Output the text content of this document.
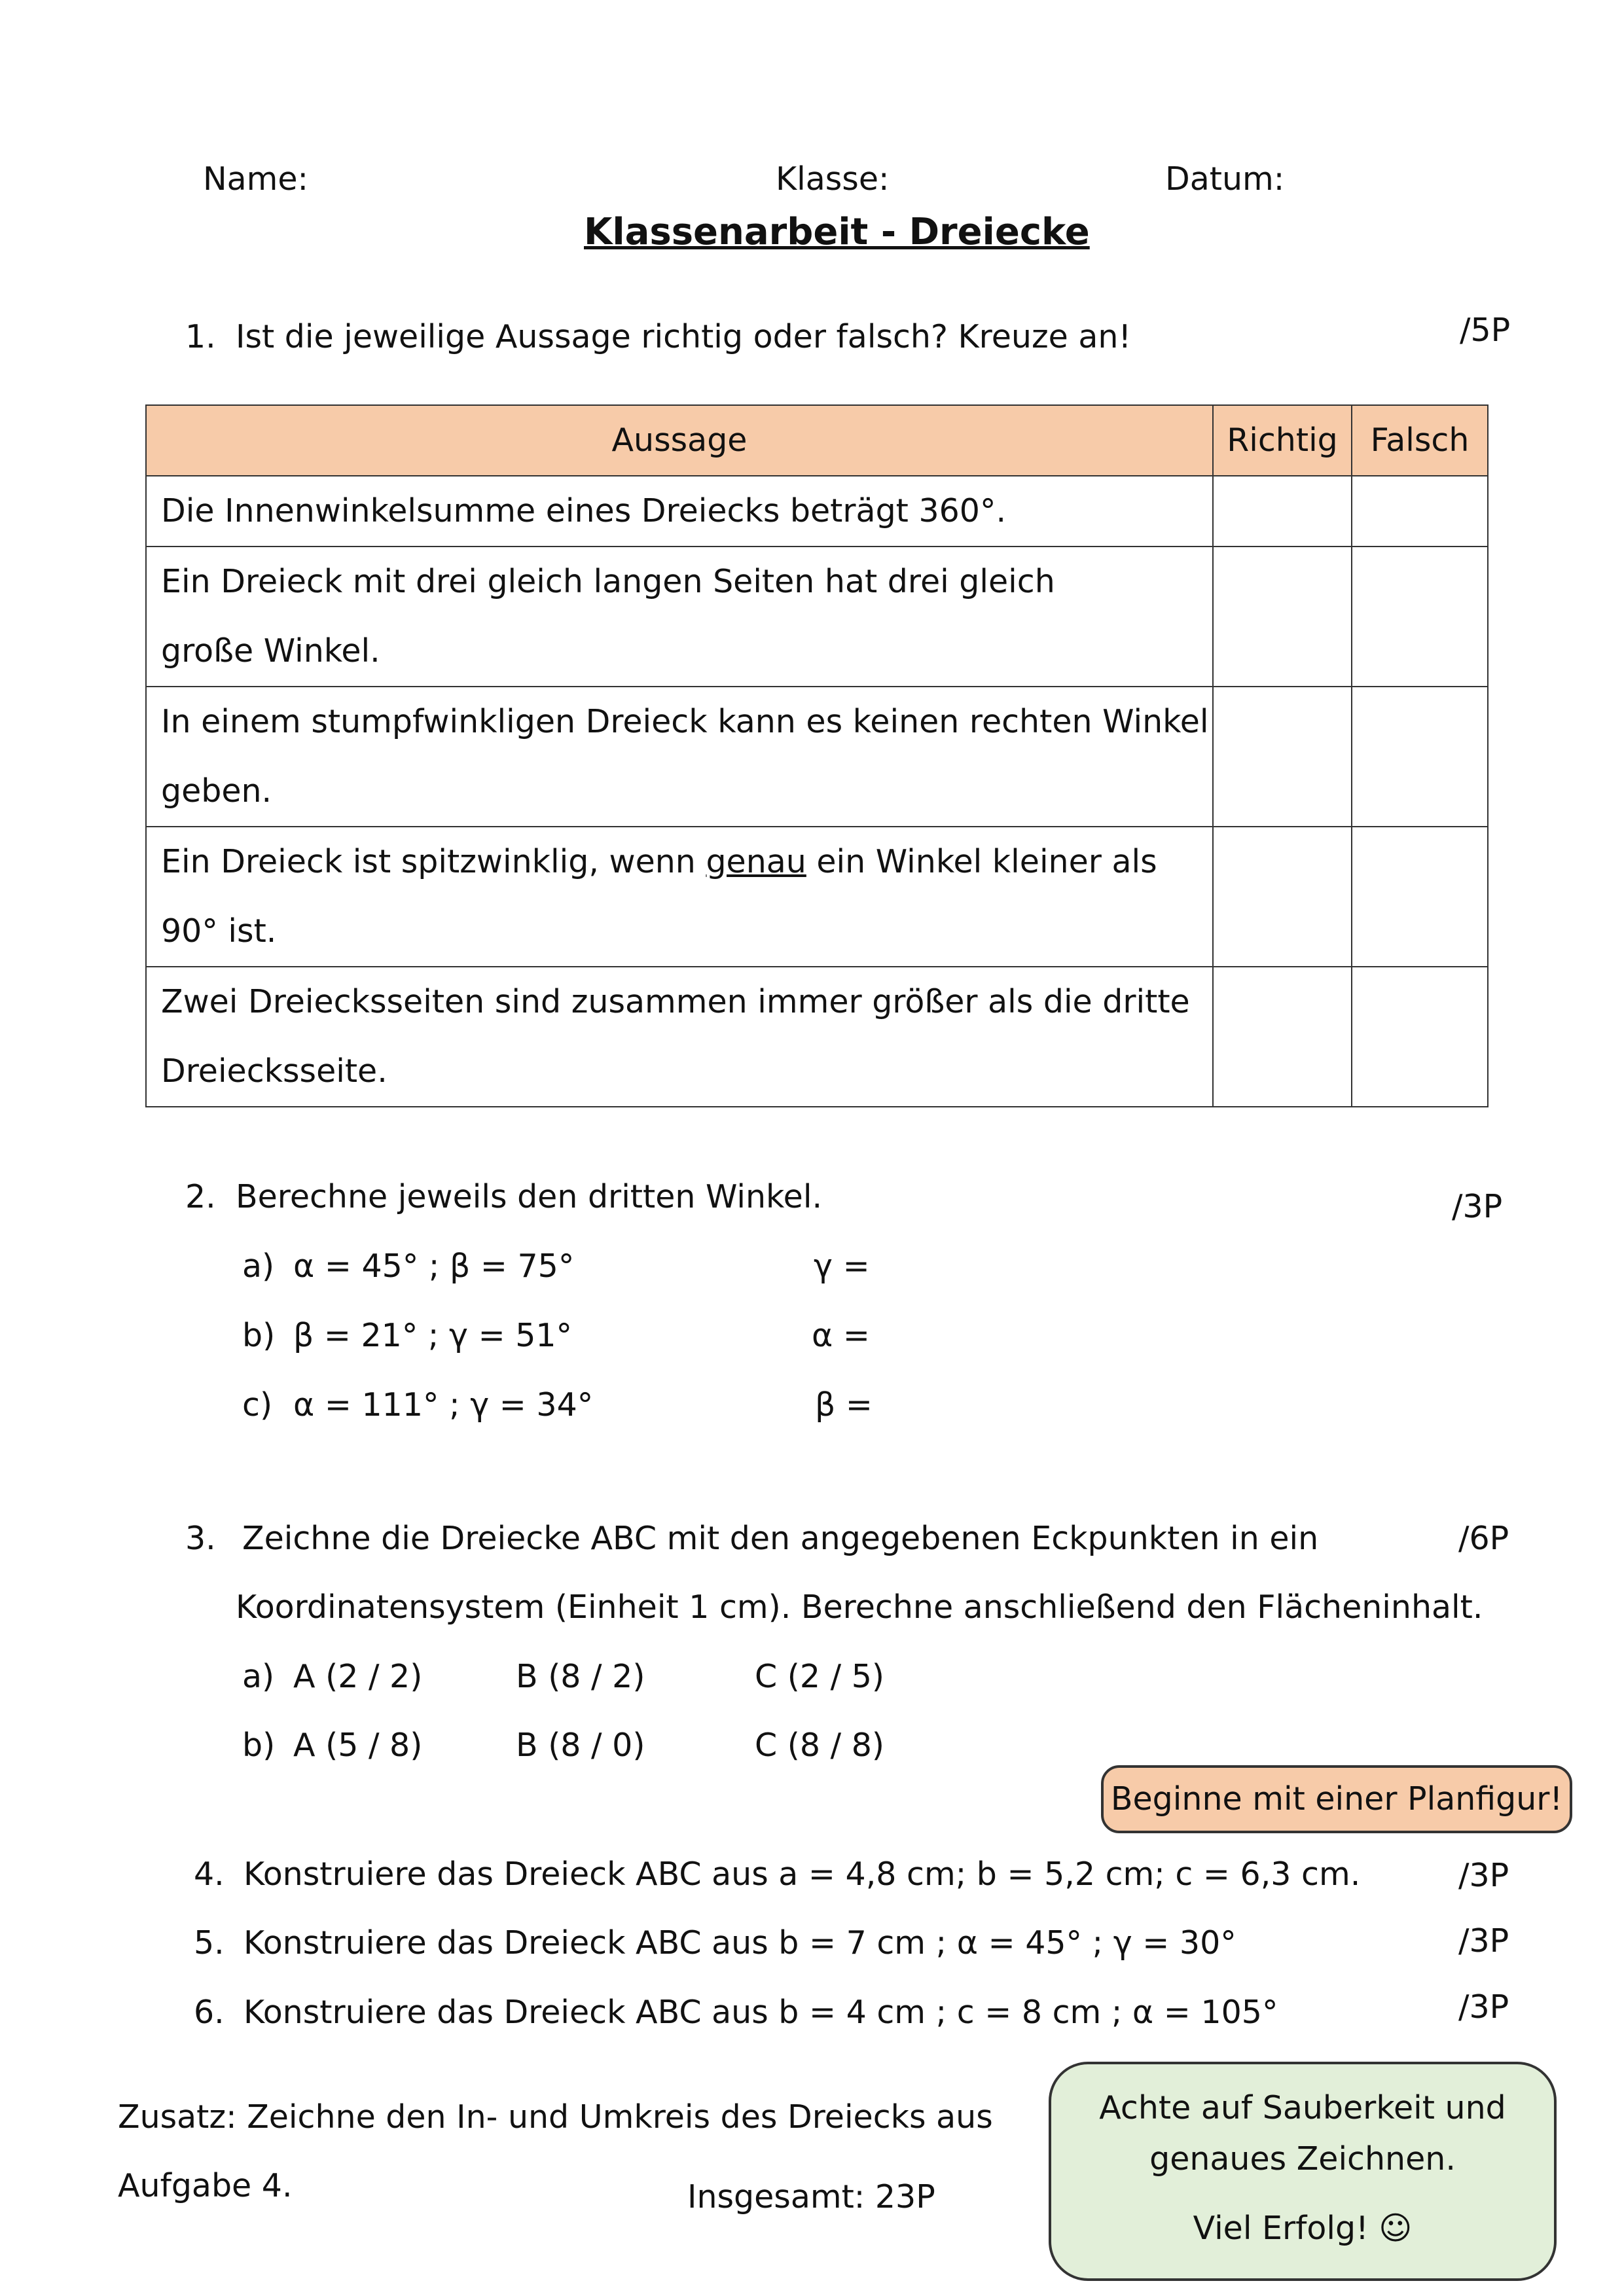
Name:	Klasse:	Datum:
Klassenarbeit - Dreiecke
1. Ist die jeweilige Aussage richtig oder falsch? Kreuze an!	/5P
Aussage	Richtig	Falsch
Die Innenwinkelsumme eines Dreiecks beträgt 360°.		
Ein Dreieck mit drei gleich langen Seiten hat drei gleich große Winkel.		
In einem stumpfwinkligen Dreieck kann es keinen rechten Winkel geben.		
Ein Dreieck ist spitzwinklig, wenn genau ein Winkel kleiner als 90° ist.		
Zwei Dreiecksseiten sind zusammen immer größer als die dritte Dreiecksseite.		
2. Berechne jeweils den dritten Winkel.	/3P
a) α = 45° ; β = 75°	γ =
b) β = 21° ; γ = 51°	α =
c) α = 111° ; γ = 34°	β =
3. Zeichne die Dreiecke ABC mit den angegebenen Eckpunkten in ein	/6P
Koordinatensystem (Einheit 1 cm). Berechne anschließend den Flächeninhalt.
a) A (2 / 2)	B (8 / 2)	C (2 / 5)
b) A (5 / 8)	B (8 / 0)	C (8 / 8)
Beginne mit einer Planfigur!
4. Konstruiere das Dreieck ABC aus a = 4,8 cm; b = 5,2 cm; c = 6,3 cm.	/3P
5. Konstruiere das Dreieck ABC aus b = 7 cm ; α = 45° ; γ = 30°	/3P
6. Konstruiere das Dreieck ABC aus b = 4 cm ; c = 8 cm ; α = 105°	/3P
Zusatz: Zeichne den In- und Umkreis des Dreiecks aus
Aufgabe 4.	Insgesamt: 23P
Achte auf Sauberkeit und
genaues Zeichnen.
Viel Erfolg! ☺
